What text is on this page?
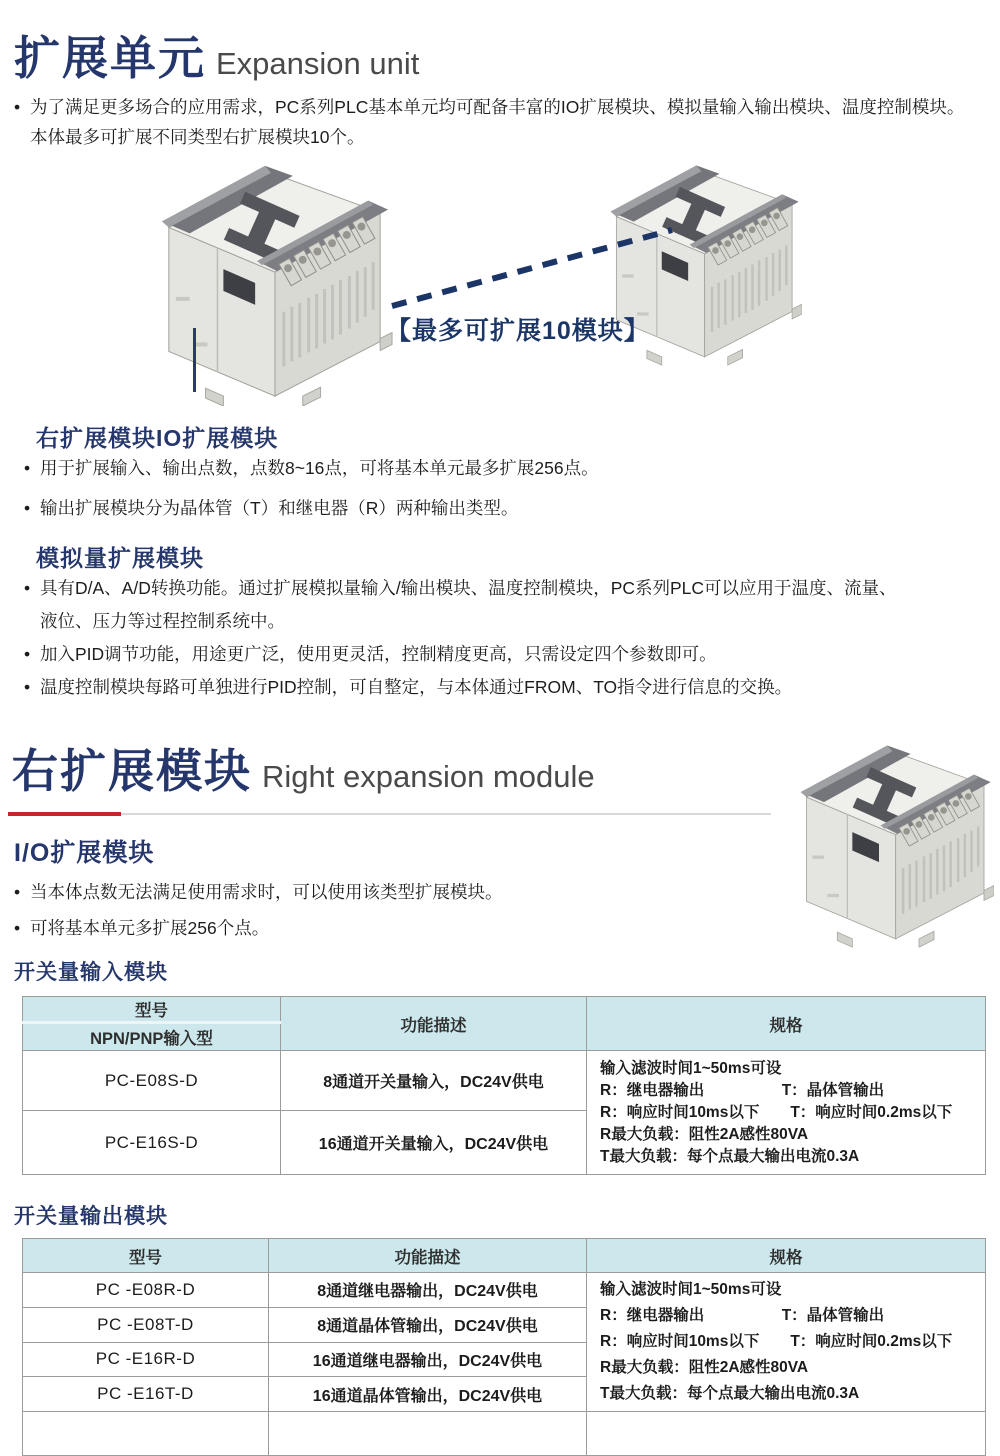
扩展单元 Expansion unit
• 为了满足更多场合的应用需求，PC系列PLC基本单元均可配备丰富的IO扩展模块、模拟量输入输出模块、温度控制模块。本体最多可扩展不同类型右扩展模块10个。
【最多可扩展10模块】
右扩展模块IO扩展模块
• 用于扩展输入、输出点数，点数8~16点，可将基本单元最多扩展256点。
• 输出扩展模块分为晶体管（T）和继电器（R）两种输出类型。
模拟量扩展模块
• 具有D/A、A/D转换功能。通过扩展模拟量输入/输出模块、温度控制模块，PC系列PLC可以应用于温度、流量、液位、压力等过程控制系统中。
• 加入PID调节功能，用途更广泛，使用更灵活，控制精度更高，只需设定四个参数即可。
• 温度控制模块每路可单独进行PID控制，可自整定，与本体通过FROM、TO指令进行信息的交换。
右扩展模块 Right expansion module
I/O扩展模块
• 当本体点数无法满足使用需求时，可以使用该类型扩展模块。
• 可将基本单元多扩展256个点。
开关量输入模块
型号	功能描述	规格
NPN/PNP输入型		
PC-E08S-D	8通道开关量输入，DC24V供电	输入滤波时间1~50ms可设
R：继电器输出　　　　　T：晶体管输出
R：响应时间10ms以下　　T：响应时间0.2ms以下
R最大负载：阻性2A感性80VA
T最大负载：每个点最大输出电流0.3A

PC-E16S-D	16通道开关量输入，DC24V供电	
开关量输出模块
型号	功能描述	规格
PC -E08R-D	8通道继电器输出，DC24V供电	输入滤波时间1~50ms可设
R：继电器输出　　　　　T：晶体管输出
R：响应时间10ms以下　　T：响应时间0.2ms以下
R最大负载：阻性2A感性80VA
T最大负载：每个点最大输出电流0.3A

PC -E08T-D	8通道晶体管输出，DC24V供电	
PC -E16R-D	16通道继电器输出，DC24V供电	
PC -E16T-D	16通道晶体管输出，DC24V供电	
